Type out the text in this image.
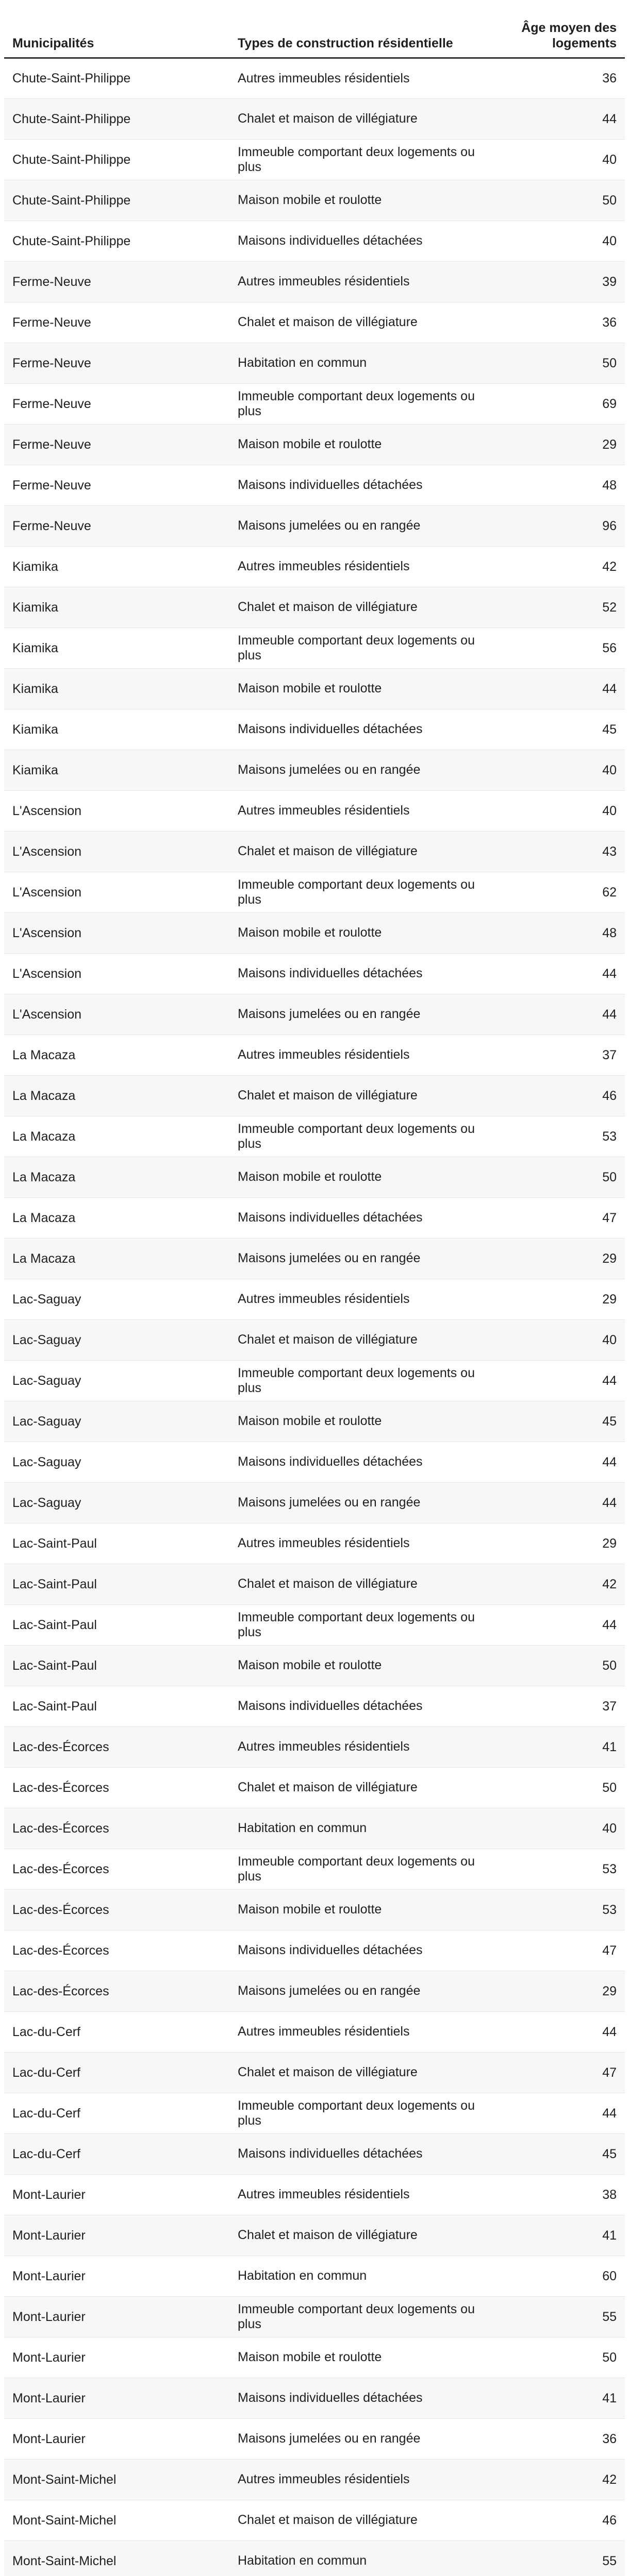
Municipalités	Types de construction résidentielle	Âge moyen des logements
Chute-Saint-Philippe	Autres immeubles résidentiels	36
Chute-Saint-Philippe	Chalet et maison de villégiature	44
Chute-Saint-Philippe	Immeuble comportant deux logements ou plus	40
Chute-Saint-Philippe	Maison mobile et roulotte	50
Chute-Saint-Philippe	Maisons individuelles détachées	40
Ferme-Neuve	Autres immeubles résidentiels	39
Ferme-Neuve	Chalet et maison de villégiature	36
Ferme-Neuve	Habitation en commun	50
Ferme-Neuve	Immeuble comportant deux logements ou plus	69
Ferme-Neuve	Maison mobile et roulotte	29
Ferme-Neuve	Maisons individuelles détachées	48
Ferme-Neuve	Maisons jumelées ou en rangée	96
Kiamika	Autres immeubles résidentiels	42
Kiamika	Chalet et maison de villégiature	52
Kiamika	Immeuble comportant deux logements ou plus	56
Kiamika	Maison mobile et roulotte	44
Kiamika	Maisons individuelles détachées	45
Kiamika	Maisons jumelées ou en rangée	40
L'Ascension	Autres immeubles résidentiels	40
L'Ascension	Chalet et maison de villégiature	43
L'Ascension	Immeuble comportant deux logements ou plus	62
L'Ascension	Maison mobile et roulotte	48
L'Ascension	Maisons individuelles détachées	44
L'Ascension	Maisons jumelées ou en rangée	44
La Macaza	Autres immeubles résidentiels	37
La Macaza	Chalet et maison de villégiature	46
La Macaza	Immeuble comportant deux logements ou plus	53
La Macaza	Maison mobile et roulotte	50
La Macaza	Maisons individuelles détachées	47
La Macaza	Maisons jumelées ou en rangée	29
Lac-Saguay	Autres immeubles résidentiels	29
Lac-Saguay	Chalet et maison de villégiature	40
Lac-Saguay	Immeuble comportant deux logements ou plus	44
Lac-Saguay	Maison mobile et roulotte	45
Lac-Saguay	Maisons individuelles détachées	44
Lac-Saguay	Maisons jumelées ou en rangée	44
Lac-Saint-Paul	Autres immeubles résidentiels	29
Lac-Saint-Paul	Chalet et maison de villégiature	42
Lac-Saint-Paul	Immeuble comportant deux logements ou plus	44
Lac-Saint-Paul	Maison mobile et roulotte	50
Lac-Saint-Paul	Maisons individuelles détachées	37
Lac-des-Écorces	Autres immeubles résidentiels	41
Lac-des-Écorces	Chalet et maison de villégiature	50
Lac-des-Écorces	Habitation en commun	40
Lac-des-Écorces	Immeuble comportant deux logements ou plus	53
Lac-des-Écorces	Maison mobile et roulotte	53
Lac-des-Écorces	Maisons individuelles détachées	47
Lac-des-Écorces	Maisons jumelées ou en rangée	29
Lac-du-Cerf	Autres immeubles résidentiels	44
Lac-du-Cerf	Chalet et maison de villégiature	47
Lac-du-Cerf	Immeuble comportant deux logements ou plus	44
Lac-du-Cerf	Maisons individuelles détachées	45
Mont-Laurier	Autres immeubles résidentiels	38
Mont-Laurier	Chalet et maison de villégiature	41
Mont-Laurier	Habitation en commun	60
Mont-Laurier	Immeuble comportant deux logements ou plus	55
Mont-Laurier	Maison mobile et roulotte	50
Mont-Laurier	Maisons individuelles détachées	41
Mont-Laurier	Maisons jumelées ou en rangée	36
Mont-Saint-Michel	Autres immeubles résidentiels	42
Mont-Saint-Michel	Chalet et maison de villégiature	46
Mont-Saint-Michel	Habitation en commun	55
